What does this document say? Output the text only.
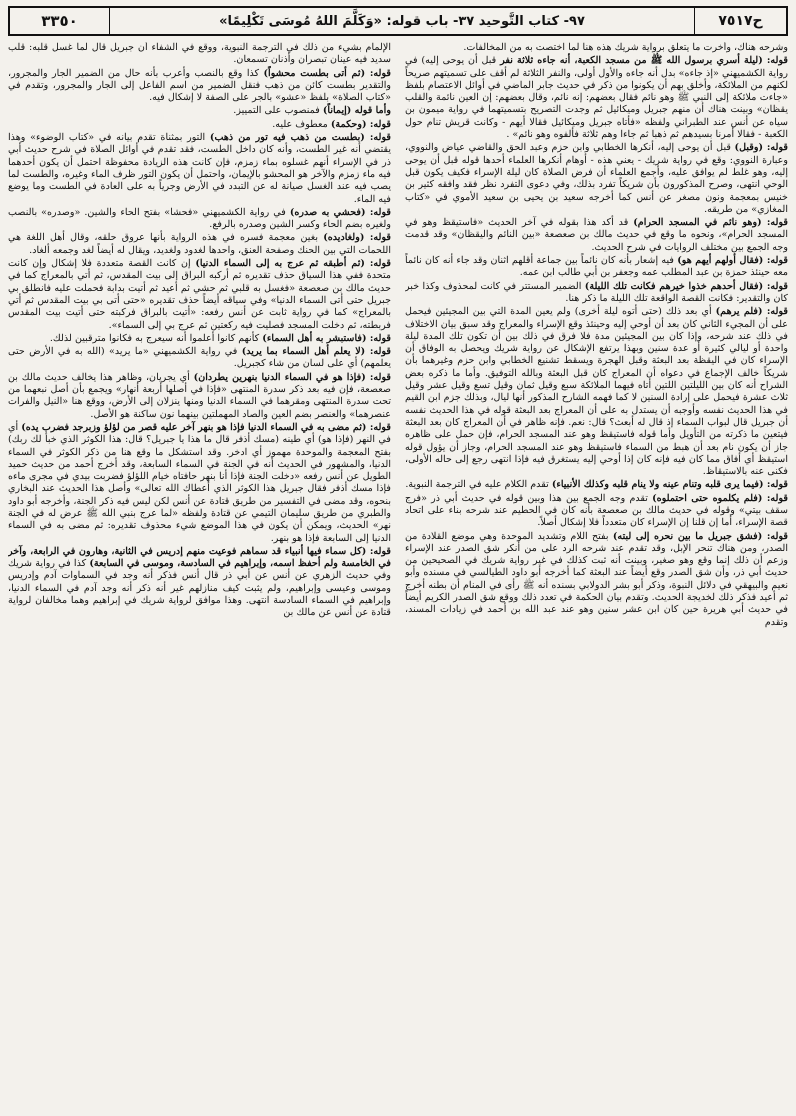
٣٣٥٠	٩٧- كتاب التَّوحيد ٣٧- باب قوله: «وَكَلَّمَ اللهُ مُوسَى تَكْلِيمًا»	ح٧٥١٧

الإلمام بشيء من ذلك في الترجمة النبوية، ووقع في الشفاء أن جبريل قال لما غسل قلبه: قلب سديد فيه عينان تبصران وأذنان تسمعان.

قوله: (ثم أتى بطست محشواً) كذا وقع بالنصب وأعرب بأنه حال من الضمير الجار والمجرور، والتقدير بطست كائن من ذهب فنقل الضمير من اسم الفاعل إلى الجار والمجرور، وتقدم في «كتاب الصلاة» بلفظ «عشو» بالجر على الصفة لا إشكال فيه.

وأما قوله (إيماناً) فمنصوب على التمييز.

قوله: (وحكمة) معطوف عليه.

قوله: (بطست من ذهب فيه تور من ذهب) التور بمثناة تقدم بيانه في «كتاب الوضوء» وهذا يقتضي أنه غير الطست، وأنه كان داخل الطست، فقد تقدم في أوائل الصلاة في شرح حديث أبي ذر في الإسراء أنهم غسلوه بماء زمزم، فإن كانت هذه الزيادة محفوظة احتمل أن يكون أحدهما فيه ماء زمزم والآخر هو المحشو بالإيمان، واحتمل أن يكون التور ظرف الماء وغيره، والطست لما يصب فيه عند الغسل صيانة له عن التبدد في الأرض وجرياً به على العادة في الطست وما يوضع فيه الماء.

قوله: (فحشي به صدره) في رواية الكشميهني «فحشا» بفتح الحاء والشين. «وصدره» بالنصب ولغيره بضم الحاء وكسر الشين وصدره بالرفع.

قوله: (ولغاديده) بغين معجمة فسره في هذه الرواية بأنها عروق حلقه، وقال أهل اللغة هي اللحمات التي بين الحنك وصفحة العنق، واحدها لغدود ولغديد، ويقال له أيضاً لغد وجمعه ألغاد.

قوله: (ثم أطبقه ثم عرج به إلى السماء الدنيا) إن كانت القصة متعددة فلا إشكال وإن كانت متحدة ففي هذا السياق حذف تقديره ثم أركبه البراق إلى بيت المقدس، ثم أتي بالمعراج كما في حديث مالك بن صعصعة «فغسل به قلبي ثم حشي ثم أعيد ثم أتيت بدابة فحملت عليه فانطلق بي جبريل حتى أتى السماء الدنيا» وفي سياقه أيضاً حذف تقديره «حتى أتى بي بيت المقدس ثم أتي بالمعراج» كما في رواية ثابت عن أنس رفعه: «أتيت بالبراق فركبته حتى أتيت بيت المقدس فربطته، ثم دخلت المسجد فصليت فيه ركعتين ثم عرج بي إلى السماء».

قوله: (فاستبشر به أهل السماء) كأنهم كانوا أعلموا أنه سيعرج به فكانوا مترقبين لذلك.

قوله: (لا يعلم أهل السماء بما يريد) في رواية الكشميهني «ما يريد» (الله به في الأرض حتى يعلمهم) أي على لسان من شاء كجبريل.

قوله: (فإذا هو في السماء الدنيا بنهرين يطردان) أي يجريان، وظاهر هذا يخالف حديث مالك بن صعصعة، فإن فيه بعد ذكر سدرة المنتهى «فإذا في أصلها أربعة أنهار» ويجمع بأن أصل نبعهما من تحت سدرة المنتهى ومقرهما في السماء الدنيا ومنها ينزلان إلى الأرض، ووقع هنا «النيل والفرات عنصرهما» والعنصر بضم العين والصاد المهملتين بينهما نون ساكنة هو الأصل.

قوله: (ثم مضى به في السماء الدنيا فإذا هو بنهر آخر عليه قصر من لؤلؤ وزبرجد فضرب يده) أي في النهر (فإذا هو) أي طينه (مسك أذفر قال ما هذا يا جبريل؟ قال: هذا الكوثر الذي خبأ لك ربك) بفتح المعجمة والموحدة مهموز أي ادخر. وقد استشكل ما وقع هنا من ذكر الكوثر في السماء الدنيا، والمشهور في الحديث أنه في الجنة في السماء السابعة، وقد أخرج أحمد من حديث حميد الطويل عن أنس رفعه «دخلت الجنة فإذا أنا بنهر حافتاه خيام اللؤلؤ فضربت بيدي في مجرى ماءه فإذا مسك أذفر فقال جبريل هذا الكوثر الذي أعطاك الله تعالى» وأصل هذا الحديث عند البخاري بنحوه، وقد مضى في التفسير من طريق قتادة عن أنس لكن ليس فيه ذكر الجنة، وأخرجه أبو داود والطبري من طريق سليمان التيمي عن قتادة ولفظه «لما عرج بنبي الله ﷺ عرض له في الجنة نهر» الحديث، ويمكن أن يكون في هذا الموضع شيء محذوف تقديره: ثم مضى به في السماء الدنيا إلى السابعة فإذا هو بنهر.

قوله: (كل سماء فيها أنبياء قد سماهم فوعيت منهم إدريس في الثانية، وهارون في الرابعة، وآخر في الخامسة ولم أحفظ اسمه، وإبراهيم في السادسة، وموسى في السابعة) كذا في رواية شريك وفي حديث الزهري عن أنس عن أبي ذر قال أنس فذكر أنه وجد في السماوات آدم وإدريس وموسى وعيسى وإبراهيم، ولم يثبت كيف منازلهم غير أنه ذكر أنه وجد آدم في السماء الدنيا، وإبراهيم في السماء السادسة انتهى. وهذا موافق لرواية شريك في إبراهيم وهما مخالفان لرواية قتادة عن أنس عن مالك بن

وشرحه هناك، وأخرت ما يتعلق برواية شريك هذه هنا لما اختصت به من المخالفات.

قوله: (ليلة أسري برسول الله ﷺ من مسجد الكعبة، أنه جاءه ثلاثة نفر قبل أن يوحى إليه) في رواية الكشميهني «إذ جاءه» بدل أنه جاءه والأول أولى، والنفر الثلاثة لم أقف على تسميتهم صريحاً لكنهم من الملائكة، وأخلق بهم أن يكونوا من ذكر في حديث جابر الماضي في أوائل الاعتصام بلفظ «جاءت ملائكة إلى النبي ﷺ وهو نائم فقال بعضهم: إنه نائم، وقال بعضهم: إن العين نائمة والقلب يقظان» وبينت هناك أن منهم جبريل وميكائيل ثم وجدت التصريح بتسميتهما في رواية ميمون بن سياه عن أنس عند الطبراني ولفظه «فأتاه جبريل وميكائيل فقالا أيهم - وكانت قريش تنام حول الكعبة - فقالا أمرنا بسيدهم ثم ذهبا ثم جاءا وهم ثلاثة فألفوه وهو نائم» .

قوله: (وقبل) قبل أن يوحى إليه، أنكرها الخطابي وابن حزم وعبد الحق والقاضي عياض والنووي، وعبارة النووي: وقع في رواية شريك - يعني هذه - أوهام أنكرها العلماء أحدها قوله قبل أن يوحى إليه، وهو غلط لم يوافق عليه، وأجمع العلماء أن فرض الصلاة كان ليلة الإسراء فكيف يكون قبل الوحي انتهى، وصرح المذكورون بأن شريكاً تفرد بذلك، وفي دعوى التفرد نظر فقد وافقه كثير بن خنيس بمعجمة ونون مصغر عن أنس كما أخرجه سعيد بن يحيى بن سعيد الأموي في «كتاب المغازي» من طريقه.

قوله: (وهو نائم في المسجد الحرام) قد أكد هذا بقوله في آخر الحديث «فاستيقظ وهو في المسجد الحرام»، ونحوه ما وقع في حديث مالك بن صعصعة «بين النائم واليقظان» وقد قدمت وجه الجمع بين مختلف الروايات في شرح الحديث.

قوله: (فقال أولهم أيهم هو) فيه إشعار بأنه كان نائماً بين جماعة أقلهم اثنان وقد جاء أنه كان نائماً معه حينئذ حمزة بن عبد المطلب عمه وجعفر بن أبي طالب ابن عمه.

قوله: (فقال أحدهم خذوا خيرهم فكانت تلك الليلة) الضمير المستتر في كانت لمحذوف وكذا خبر كان والتقدير: فكانت القصة الواقعة تلك الليلة ما ذكر هنا.

قوله: (فلم يرهم) أي بعد ذلك (حتى أتوه ليلة أخرى) ولم يعين المدة التي بين المجيئين فيحمل على أن المجيء الثاني كان بعد أن أوحي إليه وحينئذ وقع الإسراء والمعراج وقد سبق بيان الاختلاف في ذلك عند شرحه، وإذا كان بين المجيئين مدة فلا فرق في ذلك بين أن تكون تلك المدة ليلة واحدة أو ليالي كثيرة أو عدة سنين وبهذا يرتفع الإشكال عن رواية شريك ويحصل به الوفاق أن الإسراء كان في اليقظة بعد البعثة وقبل الهجرة ويسقط تشنيع الخطابي وابن حزم وغيرهما بأن شريكاً خالف الإجماع في دعواه أن المعراج كان قبل البعثة وبالله التوفيق. وأما ما ذكره بعض الشراح أنه كان بين الليلتين اللتين أتاه فيهما الملائكة سبع وقيل ثمان وقيل تسع وقيل عشر وقيل ثلاث عشرة فيحمل على إرادة السنين لا كما فهمه الشارح المذكور أنها ليال، وبذلك جزم ابن القيم في هذا الحديث نفسه وأوجبه أن يستدل به على أن المعراج بعد البعثة قوله في هذا الحديث نفسه أن جبريل قال لبواب السماء إذ قال له أبعث؟ قال: نعم. فإنه ظاهر في أن المعراج كان بعد البعثة فيتعين ما ذكرته من التأويل وأما قوله فاستيقظ وهو عند المسجد الحرام، فإن حمل على ظاهره جاز أن يكون نام بعد أن هبط من السماء فاستيقظ وهو عند المسجد الحرام، وجاز أن يؤول قوله استيقظ أي أفاق مما كان فيه فإنه كان إذا أوحي إليه يستغرق فيه فإذا انتهى رجع إلى حاله الأولى، فكنى عنه بالاستيقاظ.

قوله: (فيما يرى قلبه وتنام عينه ولا ينام قلبه وكذلك الأنبياء) تقدم الكلام عليه في الترجمة النبوية.

قوله: (فلم يكلموه حتى احتملوه) تقدم وجه الجمع بين هذا وبين قوله في حديث أبي ذر «فرج سقف بيتي» وقوله في حديث مالك بن صعصعة بأنه كان في الحطيم عند شرحه بناء على اتحاد قصة الإسراء، أما إن قلنا إن الإسراء كان متعدداً فلا إشكال أصلاً.

قوله: (فشق جبريل ما بين نحره إلى لبته) بفتح اللام وتشديد الموحدة وهي موضع القلادة من الصدر، ومن هناك تنحر الإبل، وقد تقدم عند شرحه الرد على من أنكر شق الصدر عند الإسراء وزعم أن ذلك إنما وقع وهو صغير، وبينت أنه ثبت كذلك في غير رواية شريك في الصحيحين من حديث أبي ذر، وأن شق الصدر وقع أيضاً عند البعثة كما أخرجه أبو داود الطيالسي في مسنده وأبو نعيم والبيهقي في دلائل النبوة، وذكر أبو بشر الدولابي بسنده أنه ﷺ رأى في المنام أن بطنه أخرج ثم أعيد فذكر ذلك لخديجة الحديث. وتقدم بيان الحكمة في تعدد ذلك ووقع شق الصدر الكريم أيضاً في حديث أبي هريرة حين كان ابن عشر سنين وهو عند عبد الله بن أحمد في زيادات المسند، وتقدم
